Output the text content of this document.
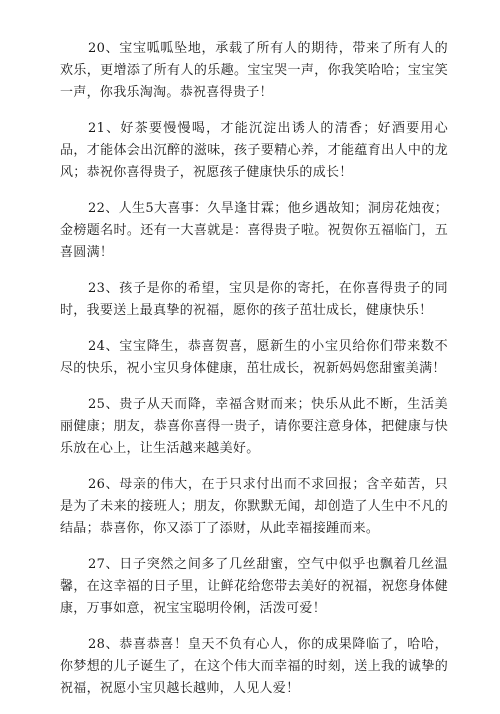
20、宝宝呱呱坠地，承载了所有人的期待，带来了所有人的欢乐，更增添了所有人的乐趣。宝宝哭一声，你我笑哈哈；宝宝笑一声，你我乐淘淘。恭祝喜得贵子！

21、好茶要慢慢喝，才能沉淀出诱人的清香；好酒要用心品，才能体会出沉醉的滋味，孩子要精心养，才能蕴育出人中的龙风；恭祝你喜得贵子，祝愿孩子健康快乐的成长！

22、人生5大喜事：久旱逢甘霖；他乡遇故知；洞房花烛夜；金榜题名时。还有一大喜就是：喜得贵子啦。祝贺你五福临门，五喜圆满！

23、孩子是你的希望，宝贝是你的寄托，在你喜得贵子的同时，我要送上最真挚的祝福，愿你的孩子茁壮成长，健康快乐！

24、宝宝降生，恭喜贺喜，愿新生的小宝贝给你们带来数不尽的快乐，祝小宝贝身体健康，茁壮成长，祝新妈妈您甜蜜美满！

25、贵子从天而降，幸福含财而来；快乐从此不断，生活美丽健康；朋友，恭喜你喜得一贵子，请你要注意身体，把健康与快乐放在心上，让生活越来越美好。

26、母亲的伟大，在于只求付出而不求回报；含辛茹苦，只是为了未来的接班人；朋友，你默默无闻，却创造了人生中不凡的结晶；恭喜你，你又添丁了添财，从此幸福接踵而来。

27、日子突然之间多了几丝甜蜜，空气中似乎也飘着几丝温馨，在这幸福的日子里，让鲜花给您带去美好的祝福，祝您身体健康，万事如意，祝宝宝聪明伶俐，活泼可爱！

28、恭喜恭喜！皇天不负有心人，你的成果降临了，哈哈，你梦想的儿子诞生了，在这个伟大而幸福的时刻，送上我的诚挚的祝福，祝愿小宝贝越长越帅，人见人爱！
